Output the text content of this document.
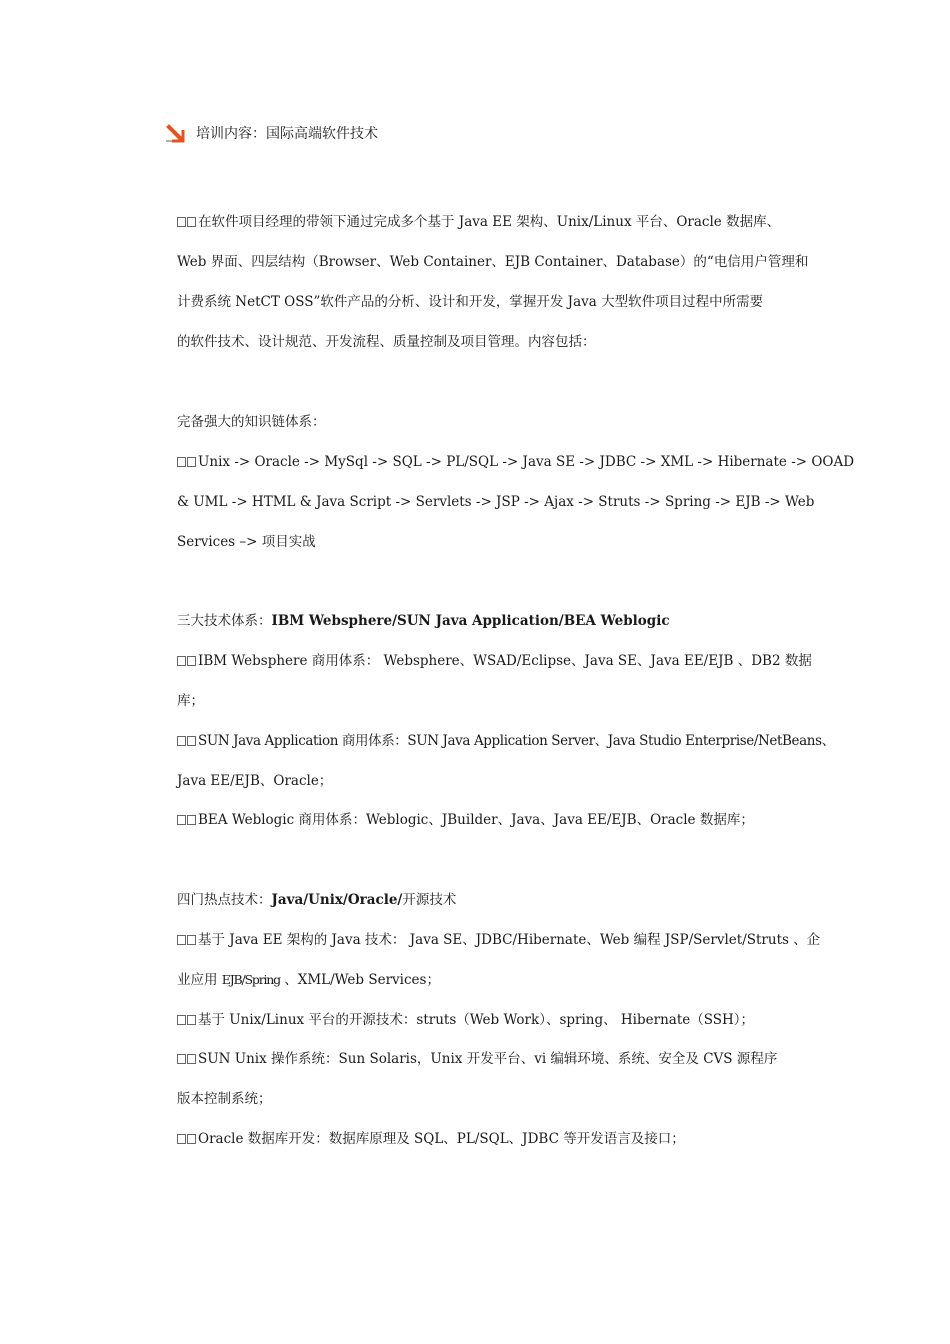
培训内容：国际高端软件技术
在软件项目经理的带领下通过完成多个基于 Java EE 架构、Unix/Linux 平台、Oracle 数据库、
Web 界面、四层结构（Browser、Web Container、EJB Container、Database）的“电信用户管理和
计费系统 NetCT OSS”软件产品的分析、设计和开发，掌握开发 Java 大型软件项目过程中所需要
的软件技术、设计规范、开发流程、质量控制及项目管理。内容包括：
完备强大的知识链体系：
Unix -> Oracle -> MySql -> SQL -> PL/SQL -> Java SE -> JDBC -> XML -> Hibernate -> OOAD
& UML -> HTML & Java Script -> Servlets -> JSP -> Ajax -> Struts -> Spring -> EJB -> Web
Services –> 项目实战
三大技术体系：IBM Websphere/SUN Java Application/BEA Weblogic
IBM Websphere 商用体系： Websphere、WSAD/Eclipse、Java SE、Java EE/EJB 、DB2 数据
库；
SUN Java Application 商用体系：SUN Java Application Server、Java Studio Enterprise/NetBeans、
Java EE/EJB、Oracle；
BEA Weblogic 商用体系：Weblogic、JBuilder、Java、Java EE/EJB、Oracle 数据库；
四门热点技术：Java/Unix/Oracle/开源技术
基于 Java EE 架构的 Java 技术： Java SE、JDBC/Hibernate、Web 编程 JSP/Servlet/Struts 、企
业应用 EJB/Spring 、XML/Web Services；
基于 Unix/Linux 平台的开源技术：struts（Web Work）、spring、 Hibernate（SSH）；
SUN Unix 操作系统：Sun Solaris，Unix 开发平台、vi 编辑环境、系统、安全及 CVS 源程序
版本控制系统；
Oracle 数据库开发：数据库原理及 SQL、PL/SQL、JDBC 等开发语言及接口；
